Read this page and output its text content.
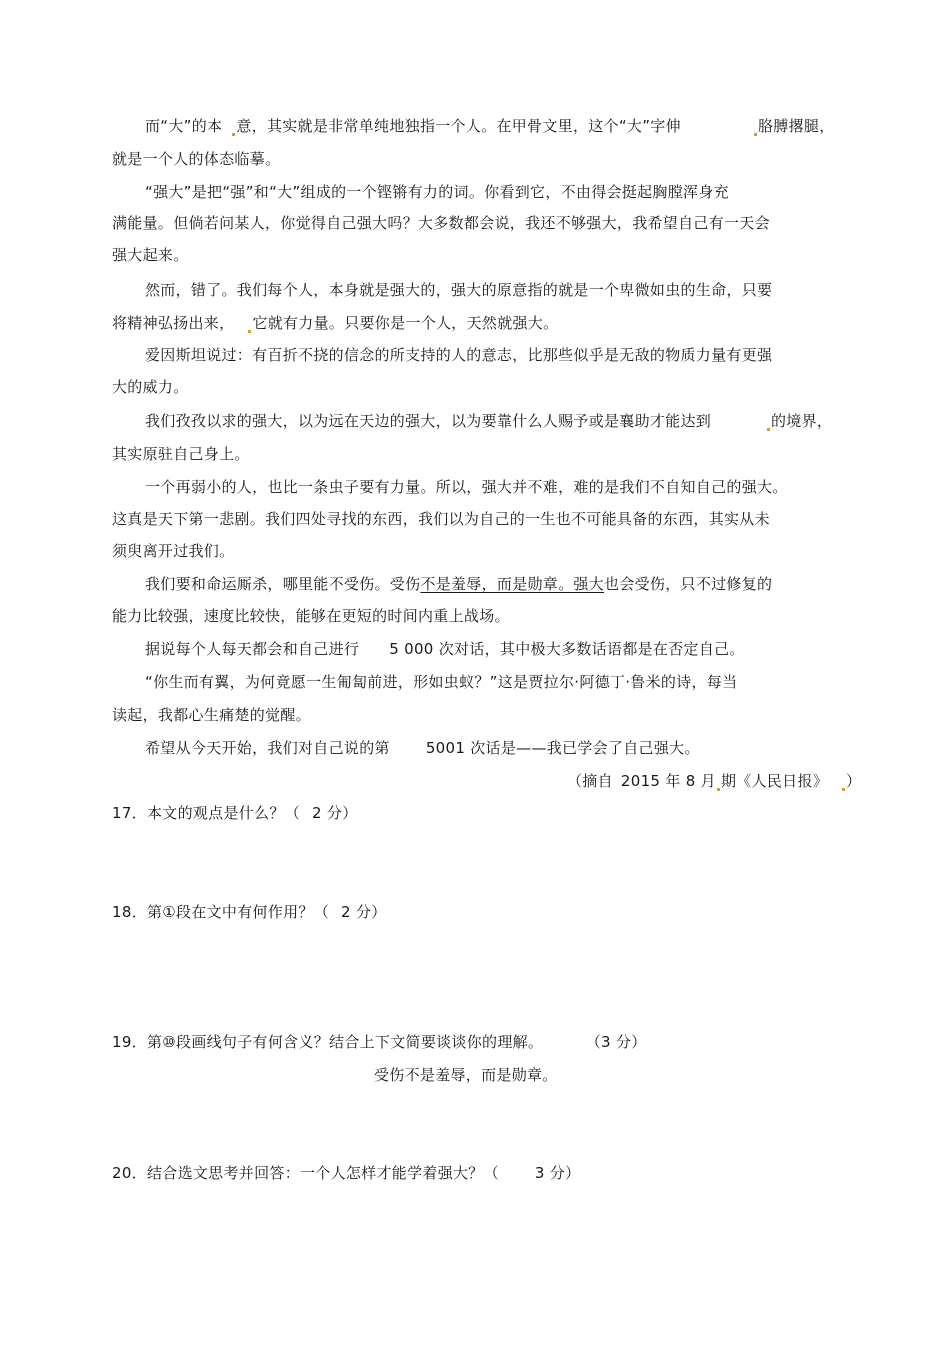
而“大”的本 意，其实就是非常单纯地独指一个人。在甲骨文里，这个“大”字伸	胳膊撂腿，
就是一个人的体态临摹。
“强大”是把“强”和“大”组成的一个铿锵有力的词。你看到它，不由得会挺起胸膛浑身充
满能量。但倘若问某人，你觉得自己强大吗？大多数都会说，我还不够强大，我希望自己有一天会
强大起来。
然而，错了。我们每个人，本身就是强大的，强大的原意指的就是一个卑微如虫的生命，只要
将精神弘扬出来， 它就有力量。只要你是一个人，天然就强大。
爱因斯坦说过：有百折不挠的信念的所支持的人的意志，比那些似乎是无敌的物质力量有更强
大的威力。
我们孜孜以求的强大，以为远在天边的强大，以为要靠什么人赐予或是襄助才能达到	的境界，
其实原驻自己身上。
一个再弱小的人，也比一条虫子要有力量。所以，强大并不难，难的是我们不自知自己的强大。
这真是天下第一悲剧。我们四处寻找的东西，我们以为自己的一生也不可能具备的东西，其实从未
须臾离开过我们。
我们要和命运厮杀，哪里能不受伤。受伤不是羞辱，而是勋章。强大也会受伤，只不过修复的
能力比较强，速度比较快，能够在更短的时间内重上战场。
据说每个人每天都会和自己进行 5 000 次对话，其中极大多数话语都是在否定自己。
“你生而有翼，为何竟愿一生匍匐前进，形如虫蚁？”这是贾拉尔·阿德丁·鲁米的诗，每当
读起，我都心生痛楚的觉醒。
希望从今天开始，我们对自己说的第 5001 次话是——我已学会了自己强大。
（摘自 2015 年 8 月 期《人民日报》 ）
17．本文的观点是什么？（ 2 分）
18．第①段在文中有何作用？（ 2 分）
19．第⑩段画线句子有何含义？结合上下文简要谈谈你的理解。	（3 分）
受伤不是羞辱，而是勋章。
20．结合选文思考并回答：一个人怎样才能学着强大？（ 3 分）
